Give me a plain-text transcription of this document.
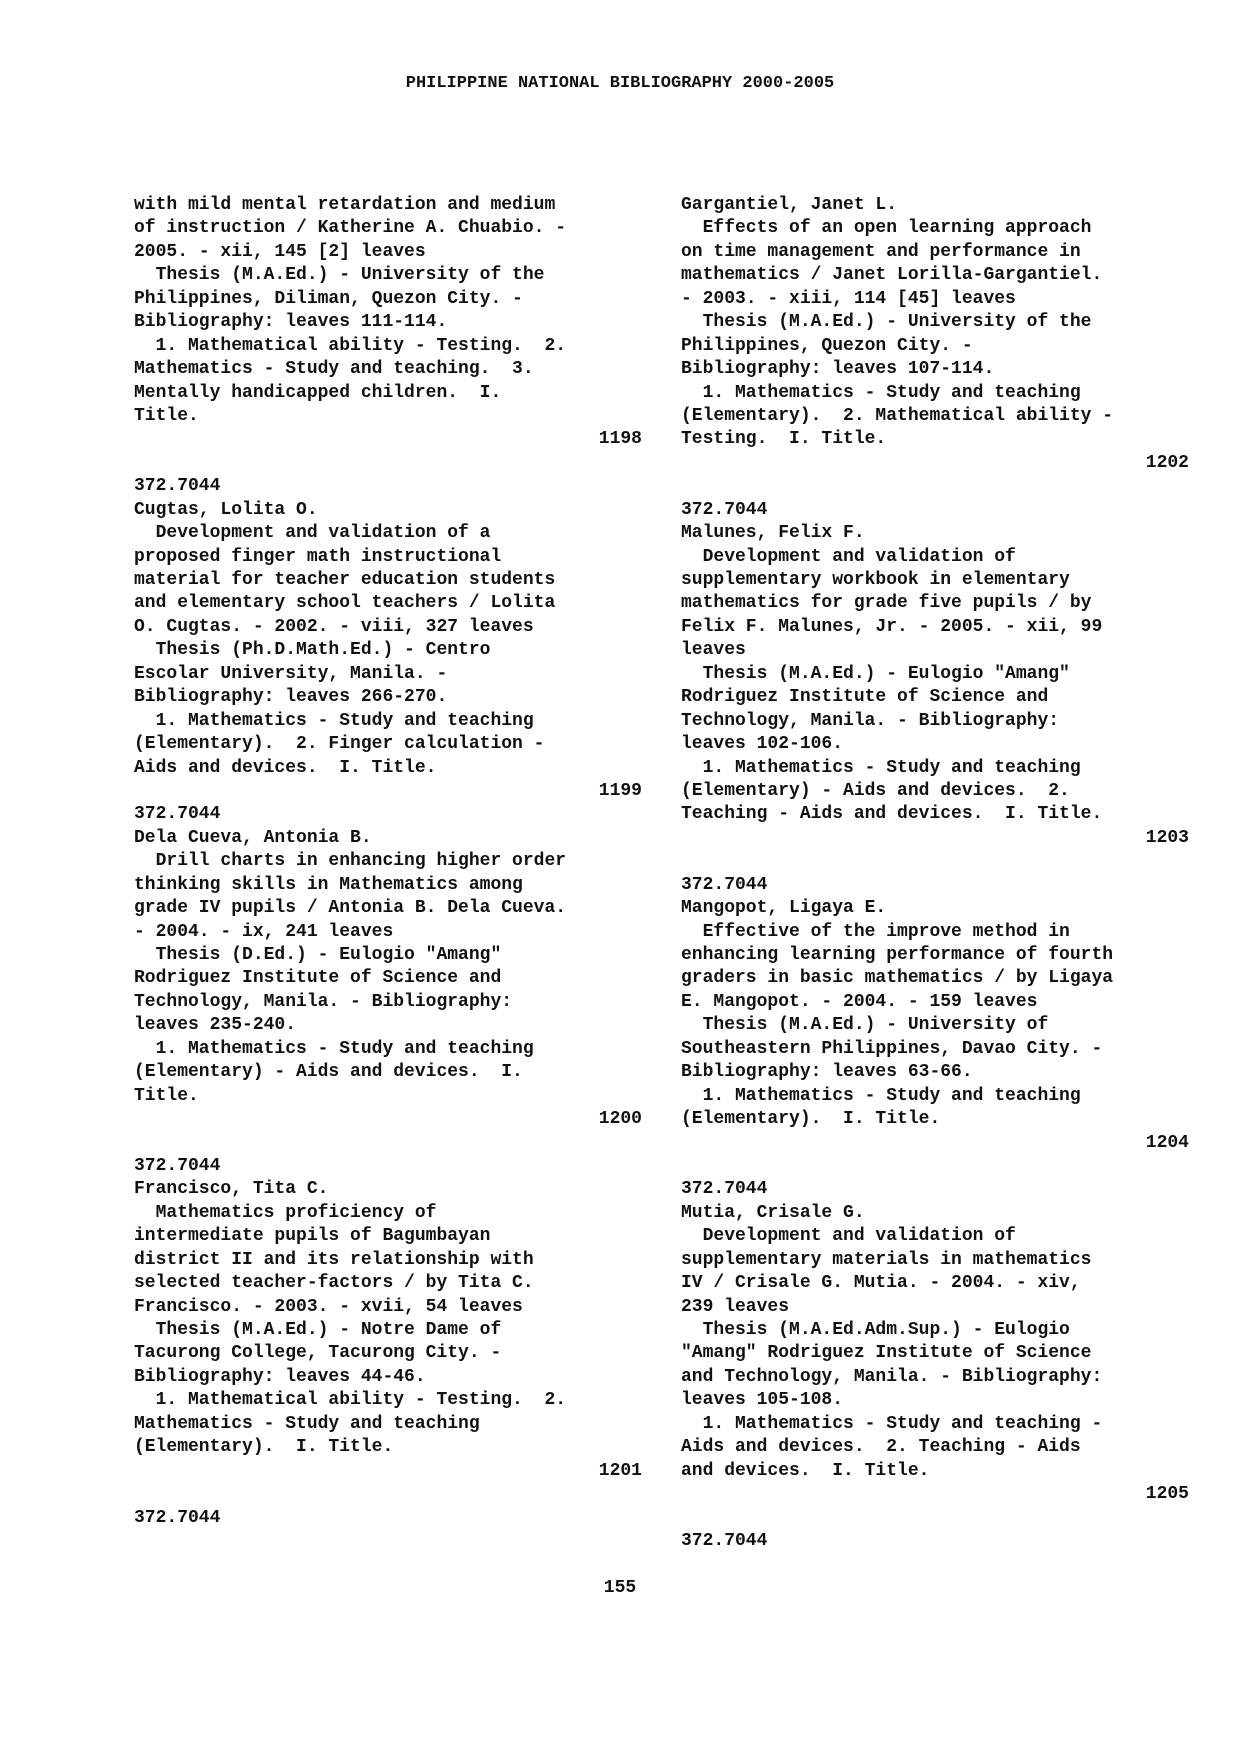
PHILIPPINE NATIONAL BIBLIOGRAPHY 2000-2005
with mild mental retardation and medium
of instruction / Katherine A. Chuabio. -
2005. - xii, 145 [2] leaves
Thesis (M.A.Ed.) - University of the
Philippines, Diliman, Quezon City. -
Bibliography: leaves 111-114.
1. Mathematical ability - Testing.  2.
Mathematics - Study and teaching.  3.
Mentally handicapped children.  I.
Title.
1198
372.7044
Cugtas, Lolita O.
Development and validation of a
proposed finger math instructional
material for teacher education students
and elementary school teachers / Lolita
O. Cugtas. - 2002. - viii, 327 leaves
Thesis (Ph.D.Math.Ed.) - Centro
Escolar University, Manila. -
Bibliography: leaves 266-270.
1. Mathematics - Study and teaching
(Elementary).  2. Finger calculation -
Aids and devices.  I. Title.
1199
372.7044
Dela Cueva, Antonia B.
Drill charts in enhancing higher order
thinking skills in Mathematics among
grade IV pupils / Antonia B. Dela Cueva.
- 2004. - ix, 241 leaves
Thesis (D.Ed.) - Eulogio "Amang"
Rodriguez Institute of Science and
Technology, Manila. - Bibliography:
leaves 235-240.
1. Mathematics - Study and teaching
(Elementary) - Aids and devices.  I.
Title.
1200
372.7044
Francisco, Tita C.
Mathematics proficiency of
intermediate pupils of Bagumbayan
district II and its relationship with
selected teacher-factors / by Tita C.
Francisco. - 2003. - xvii, 54 leaves
Thesis (M.A.Ed.) - Notre Dame of
Tacurong College, Tacurong City. -
Bibliography: leaves 44-46.
1. Mathematical ability - Testing.  2.
Mathematics - Study and teaching
(Elementary).  I. Title.
1201
372.7044
Gargantiel, Janet L.
Effects of an open learning approach
on time management and performance in
mathematics / Janet Lorilla-Gargantiel.
- 2003. - xiii, 114 [45] leaves
Thesis (M.A.Ed.) - University of the
Philippines, Quezon City. -
Bibliography: leaves 107-114.
1. Mathematics - Study and teaching
(Elementary).  2. Mathematical ability -
Testing.  I. Title.
1202
372.7044
Malunes, Felix F.
Development and validation of
supplementary workbook in elementary
mathematics for grade five pupils / by
Felix F. Malunes, Jr. - 2005. - xii, 99
leaves
Thesis (M.A.Ed.) - Eulogio "Amang"
Rodriguez Institute of Science and
Technology, Manila. - Bibliography:
leaves 102-106.
1. Mathematics - Study and teaching
(Elementary) - Aids and devices.  2.
Teaching - Aids and devices.  I. Title.
1203
372.7044
Mangopot, Ligaya E.
Effective of the improve method in
enhancing learning performance of fourth
graders in basic mathematics / by Ligaya
E. Mangopot. - 2004. - 159 leaves
Thesis (M.A.Ed.) - University of
Southeastern Philippines, Davao City. -
Bibliography: leaves 63-66.
1. Mathematics - Study and teaching
(Elementary).  I. Title.
1204
372.7044
Mutia, Crisale G.
Development and validation of
supplementary materials in mathematics
IV / Crisale G. Mutia. - 2004. - xiv,
239 leaves
Thesis (M.A.Ed.Adm.Sup.) - Eulogio
"Amang" Rodriguez Institute of Science
and Technology, Manila. - Bibliography:
leaves 105-108.
1. Mathematics - Study and teaching -
Aids and devices.  2. Teaching - Aids
and devices.  I. Title.
1205
372.7044
155
